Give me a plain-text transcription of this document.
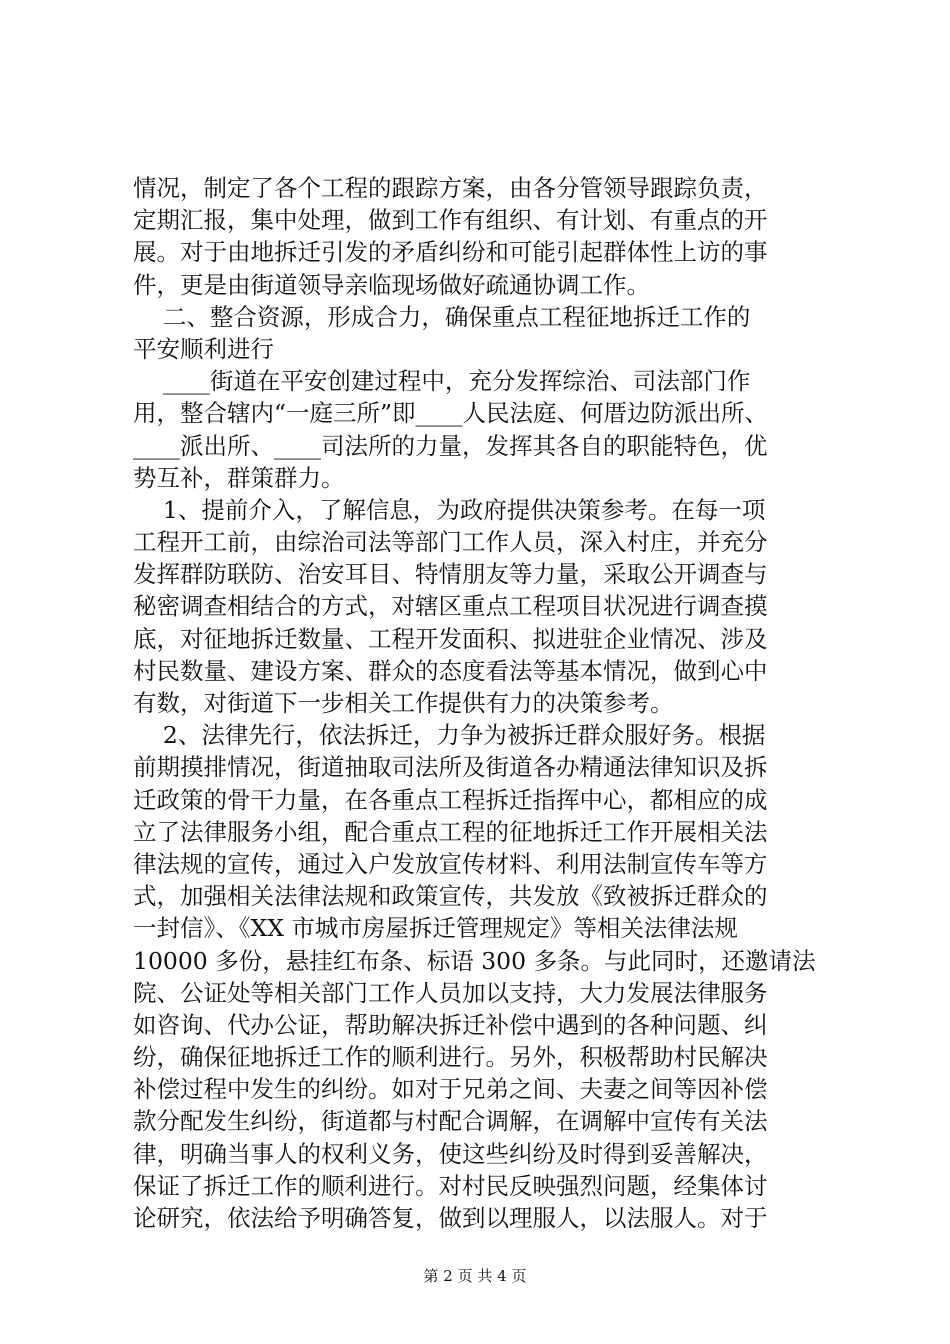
情况，制定了各个工程的跟踪方案，由各分管领导跟踪负责，
定期汇报，集中处理，做到工作有组织、有计划、有重点的开
展。对于由地拆迁引发的矛盾纠纷和可能引起群体性上访的事
件，更是由街道领导亲临现场做好疏通协调工作。
二、整合资源，形成合力，确保重点工程征地拆迁工作的
平安顺利进行
____街道在平安创建过程中，充分发挥综治、司法部门作
用，整合辖内“一庭三所”即____人民法庭、何厝边防派出所、
____派出所、____司法所的力量，发挥其各自的职能特色，优
势互补，群策群力。
1、提前介入，了解信息，为政府提供决策参考。在每一项
工程开工前，由综治司法等部门工作人员，深入村庄，并充分
发挥群防联防、治安耳目、特情朋友等力量，采取公开调查与
秘密调查相结合的方式，对辖区重点工程项目状况进行调查摸
底，对征地拆迁数量、工程开发面积、拟进驻企业情况、涉及
村民数量、建设方案、群众的态度看法等基本情况，做到心中
有数，对街道下一步相关工作提供有力的决策参考。
2、法律先行，依法拆迁，力争为被拆迁群众服好务。根据
前期摸排情况，街道抽取司法所及街道各办精通法律知识及拆
迁政策的骨干力量，在各重点工程拆迁指挥中心，都相应的成
立了法律服务小组，配合重点工程的征地拆迁工作开展相关法
律法规的宣传，通过入户发放宣传材料、利用法制宣传车等方
式，加强相关法律法规和政策宣传，共发放《致被拆迁群众的
一封信》、《XX 市城市房屋拆迁管理规定》等相关法律法规
10000 多份，悬挂红布条、标语 300 多条。与此同时，还邀请法
院、公证处等相关部门工作人员加以支持，大力发展法律服务
如咨询、代办公证，帮助解决拆迁补偿中遇到的各种问题、纠
纷，确保征地拆迁工作的顺利进行。另外，积极帮助村民解决
补偿过程中发生的纠纷。如对于兄弟之间、夫妻之间等因补偿
款分配发生纠纷，街道都与村配合调解，在调解中宣传有关法
律，明确当事人的权利义务，使这些纠纷及时得到妥善解决，
保证了拆迁工作的顺利进行。对村民反映强烈问题，经集体讨
论研究，依法给予明确答复，做到以理服人，以法服人。对于
第 2 页 共 4 页
